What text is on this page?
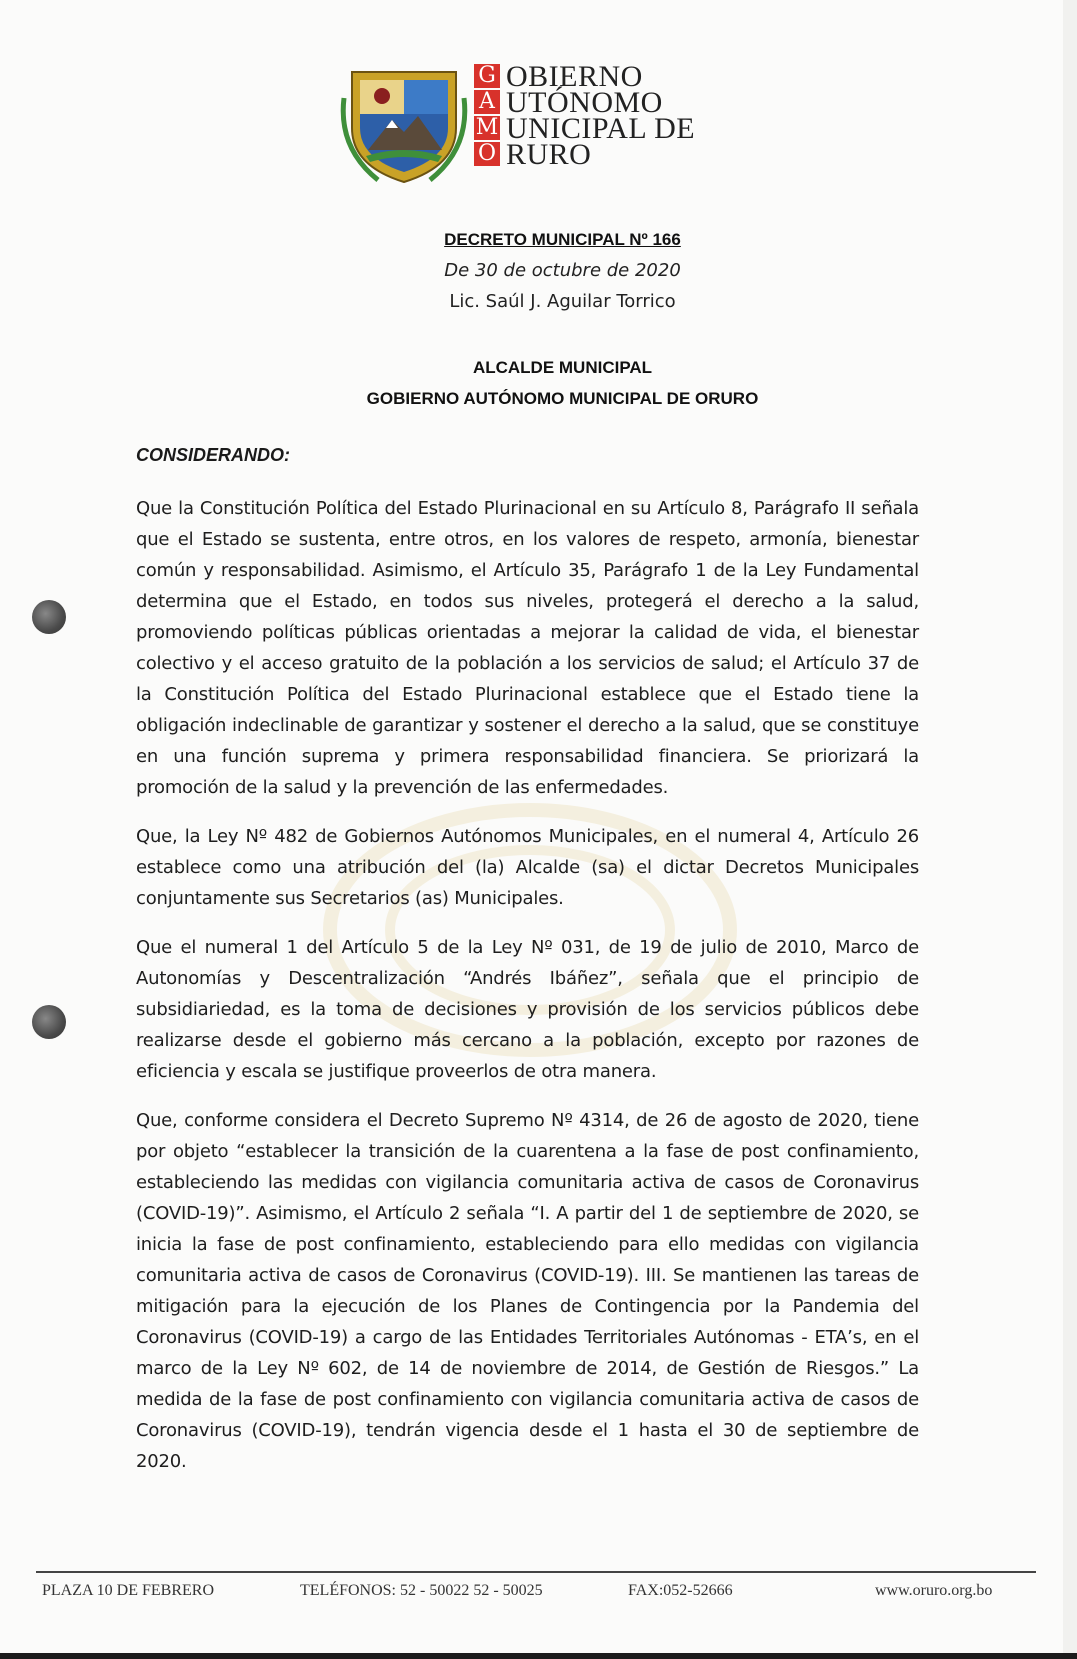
G
A
M
O
OBIERNO
UTÓNOMO
UNICIPAL DE
RURO
DECRETO MUNICIPAL Nº 166
De 30 de octubre de 2020
Lic. Saúl J. Aguilar Torrico
ALCALDE MUNICIPAL
GOBIERNO AUTÓNOMO MUNICIPAL DE ORURO
CONSIDERANDO:

Que la Constitución Política del Estado Plurinacional en su Artículo 8, Parágrafo II señala que el Estado se sustenta, entre otros, en los valores de respeto, armonía, bienestar común y responsabilidad. Asimismo, el Artículo 35, Parágrafo 1 de la Ley Fundamental determina que el Estado, en todos sus niveles, protegerá el derecho a la salud, promoviendo políticas públicas orientadas a mejorar la calidad de vida, el bienestar colectivo y el acceso gratuito de la población a los servicios de salud; el Artículo 37 de la Constitución Política del Estado Plurinacional establece que el Estado tiene la obligación indeclinable de garantizar y sostener el derecho a la salud, que se constituye en una función suprema y primera responsabilidad financiera. Se priorizará la promoción de la salud y la prevención de las enfermedades.

Que, la Ley Nº 482 de Gobiernos Autónomos Municipales, en el numeral 4, Artículo 26 establece como una atribución del (la) Alcalde (sa) el dictar Decretos Municipales conjuntamente sus Secretarios (as) Municipales.

Que el numeral 1 del Artículo 5 de la Ley Nº 031, de 19 de julio de 2010, Marco de Autonomías y Descentralización “Andrés Ibáñez”, señala que el principio de subsidiariedad, es la toma de decisiones y provisión de los servicios públicos debe realizarse desde el gobierno más cercano a la población, excepto por razones de eficiencia y escala se justifique proveerlos de otra manera.

Que, conforme considera el Decreto Supremo Nº 4314, de 26 de agosto de 2020, tiene por objeto “establecer la transición de la cuarentena a la fase de post confinamiento, estableciendo las medidas con vigilancia comunitaria activa de casos de Coronavirus (COVID-19)”. Asimismo, el Artículo 2 señala “I. A partir del 1 de septiembre de 2020, se inicia la fase de post confinamiento, estableciendo para ello medidas con vigilancia comunitaria activa de casos de Coronavirus (COVID-19). III. Se mantienen las tareas de mitigación para la ejecución de los Planes de Contingencia por la Pandemia del Coronavirus (COVID-19) a cargo de las Entidades Territoriales Autónomas - ETA’s, en el marco de la Ley Nº 602, de 14 de noviembre de 2014, de Gestión de Riesgos.” La medida de la fase de post confinamiento con vigilancia comunitaria activa de casos de Coronavirus (COVID-19), tendrán vigencia desde el 1 hasta el 30 de septiembre de 2020.

PLAZA 10 DE FEBRERO	TELÉFONOS: 52 - 50022 52 - 50025	FAX:052-52666	www.oruro.org.bo
